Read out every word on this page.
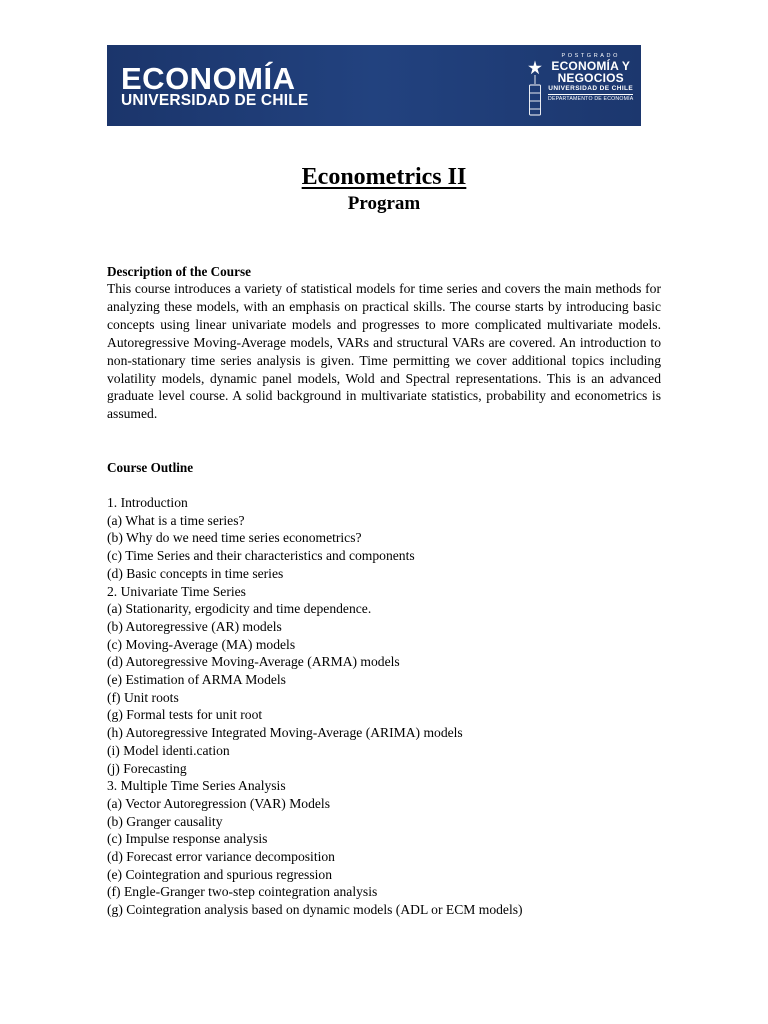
ECONOMÍA
UNIVERSIDAD DE CHILE
POSTGRADO
ECONOMÍA Y
NEGOCIOS
UNIVERSIDAD DE CHILE
DEPARTAMENTO DE ECONOMÍA
Econometrics II
Program
Description of the Course
This course introduces a variety of statistical models for time series and covers the main methods for analyzing these models, with an emphasis on practical skills. The course starts by introducing basic concepts using linear univariate models and progresses to more complicated multivariate models. Autoregressive Moving-Average models, VARs and structural VARs are covered. An introduction to non-stationary time series analysis is given. Time permitting we cover additional topics including volatility models, dynamic panel models, Wold and Spectral representations. This is an advanced graduate level course. A solid background in multivariate statistics, probability and econometrics is assumed.
Course Outline
1. Introduction
(a) What is a time series?
(b) Why do we need time series econometrics?
(c) Time Series and their characteristics and components
(d) Basic concepts in time series
2. Univariate Time Series
(a) Stationarity, ergodicity and time dependence.
(b) Autoregressive (AR) models
(c) Moving-Average (MA) models
(d) Autoregressive Moving-Average (ARMA) models
(e) Estimation of ARMA Models
(f) Unit roots
(g) Formal tests for unit root
(h) Autoregressive Integrated Moving-Average (ARIMA) models
(i) Model identi.cation
(j) Forecasting
3. Multiple Time Series Analysis
(a) Vector Autoregression (VAR) Models
(b) Granger causality
(c) Impulse response analysis
(d) Forecast error variance decomposition
(e) Cointegration and spurious regression
(f) Engle-Granger two-step cointegration analysis
(g) Cointegration analysis based on dynamic models (ADL or ECM models)
